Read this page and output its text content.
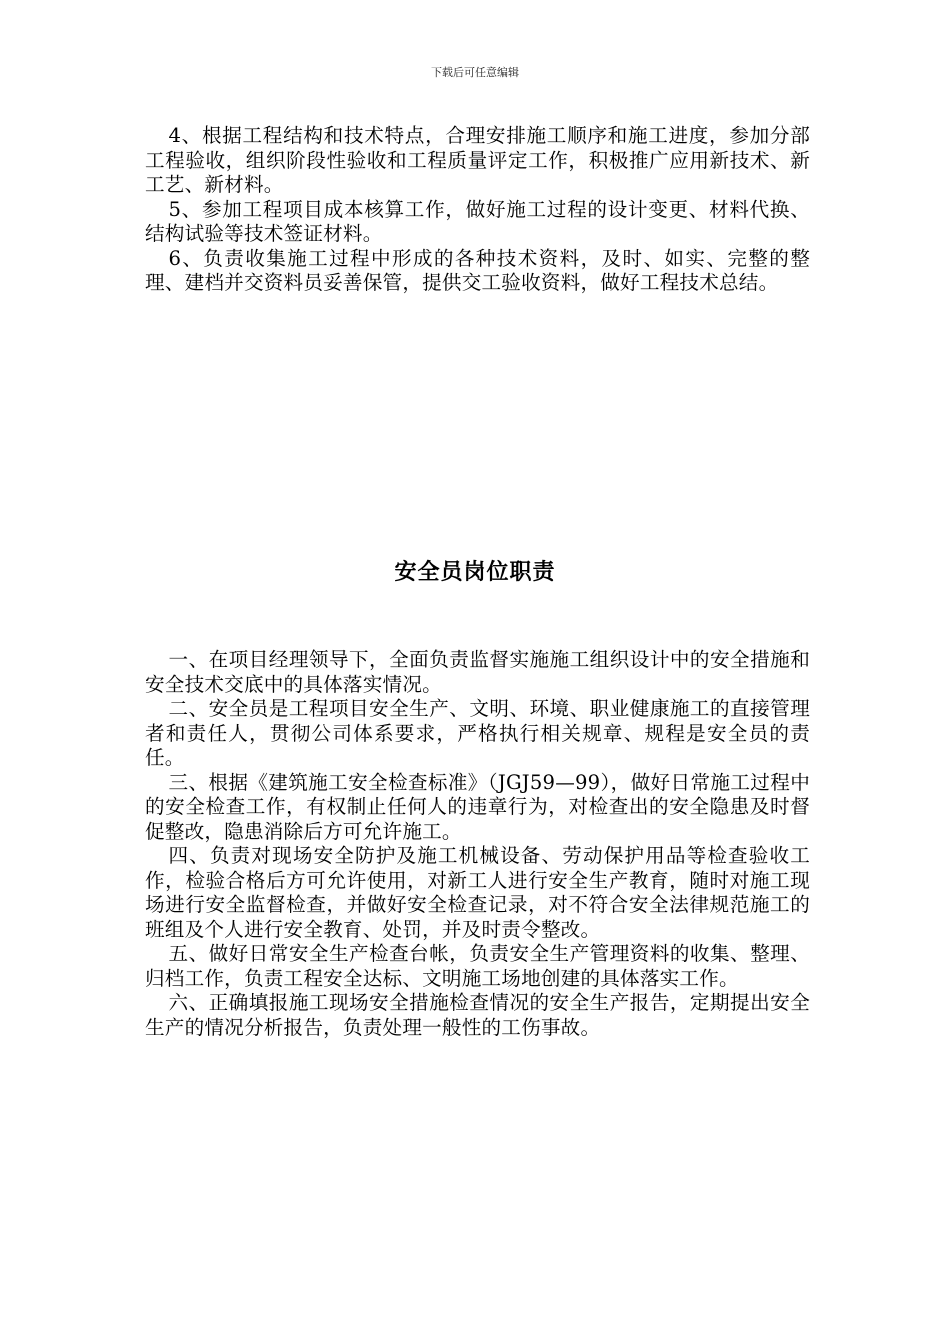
下载后可任意编辑

4、根据工程结构和技术特点，合理安排施工顺序和施工进度，参加分部工程验收，组织阶段性验收和工程质量评定工作，积极推广应用新技术、新工艺、新材料。

5、参加工程项目成本核算工作，做好施工过程的设计变更、材料代换、结构试验等技术签证材料。

6、负责收集施工过程中形成的各种技术资料，及时、如实、完整的整理、建档并交资料员妥善保管，提供交工验收资料，做好工程技术总结。

安全员岗位职责

一、在项目经理领导下，全面负责监督实施施工组织设计中的安全措施和安全技术交底中的具体落实情况。

二、安全员是工程项目安全生产、文明、环境、职业健康施工的直接管理者和责任人，贯彻公司体系要求，严格执行相关规章、规程是安全员的责任。

三、根据《建筑施工安全检查标准》（JGJ59—99），做好日常施工过程中的安全检查工作，有权制止任何人的违章行为，对检查出的安全隐患及时督促整改，隐患消除后方可允许施工。

四、负责对现场安全防护及施工机械设备、劳动保护用品等检查验收工作，检验合格后方可允许使用，对新工人进行安全生产教育，随时对施工现场进行安全监督检查，并做好安全检查记录，对不符合安全法律规范施工的班组及个人进行安全教育、处罚，并及时责令整改。

五、做好日常安全生产检查台帐，负责安全生产管理资料的收集、整理、归档工作，负责工程安全达标、文明施工场地创建的具体落实工作。

六、正确填报施工现场安全措施检查情况的安全生产报告，定期提出安全生产的情况分析报告，负责处理一般性的工伤事故。
